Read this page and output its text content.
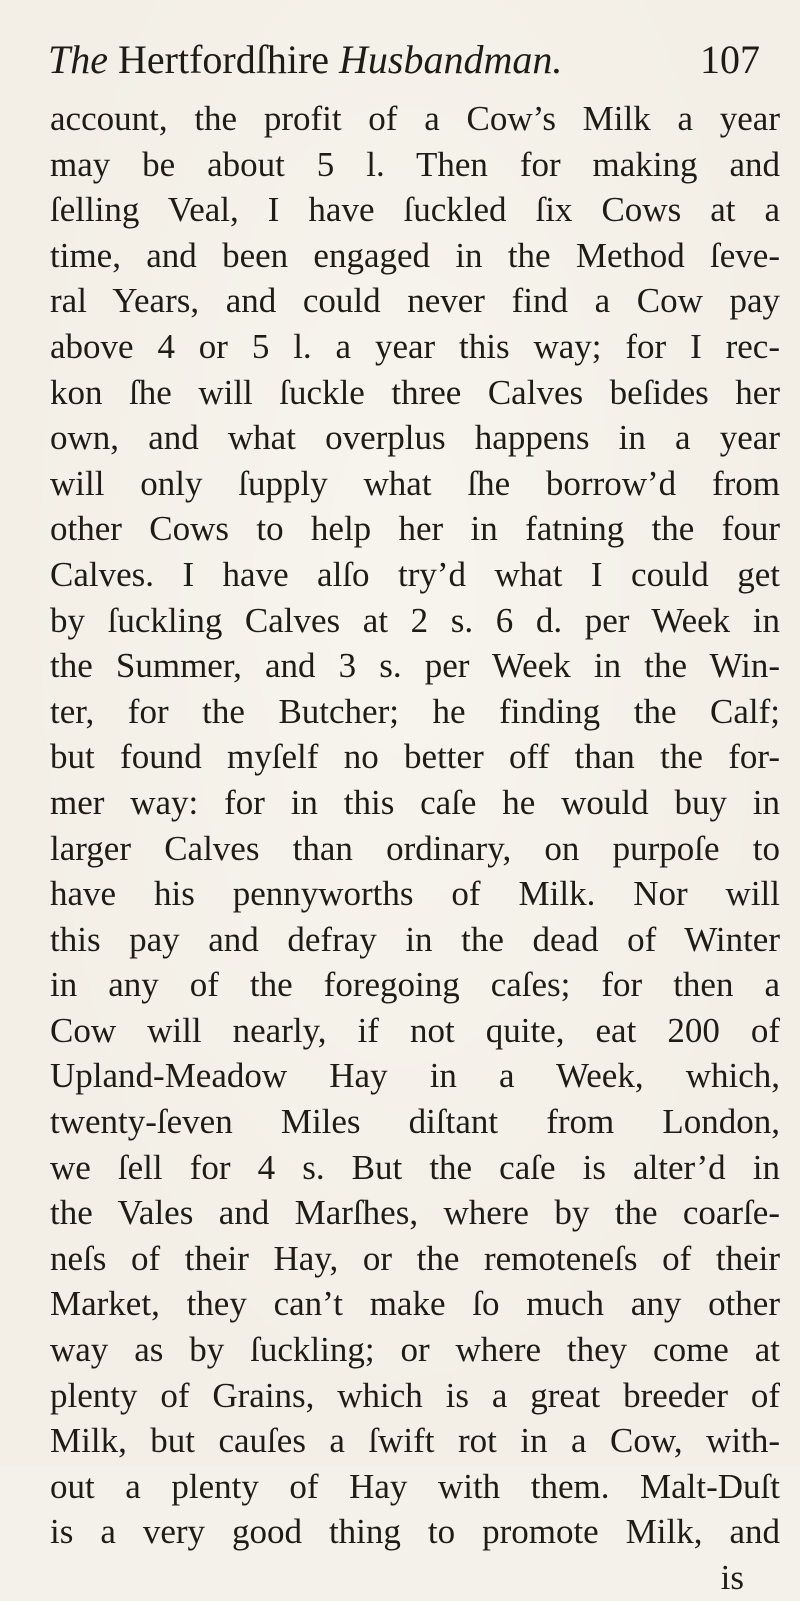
The Hertfordſhire Husbandman.	107
account, the profit of a Cow’s Milk a year
may be about 5 l. Then for making and
ſelling Veal, I have ſuckled ſix Cows at a
time, and been engaged in the Method ſeve-
ral Years, and could never find a Cow pay
above 4 or 5 l. a year this way; for I rec-
kon ſhe will ſuckle three Calves beſides her
own, and what overplus happens in a year
will only ſupply what ſhe borrow’d from
other Cows to help her in fatning the four
Calves. I have alſo try’d what I could get
by ſuckling Calves at 2 s. 6 d. per Week in
the Summer, and 3 s. per Week in the Win-
ter, for the Butcher; he finding the Calf;
but found myſelf no better off than the for-
mer way: for in this caſe he would buy in
larger Calves than ordinary, on purpoſe to
have his pennyworths of Milk. Nor will
this pay and defray in the dead of Winter
in any of the foregoing caſes; for then a
Cow will nearly, if not quite, eat 200 of
Upland-Meadow Hay in a Week, which,
twenty-ſeven Miles diſtant from London,
we ſell for 4 s. But the caſe is alter’d in
the Vales and Marſhes, where by the coarſe-
neſs of their Hay, or the remoteneſs of their
Market, they can’t make ſo much any other
way as by ſuckling; or where they come at
plenty of Grains, which is a great breeder of
Milk, but cauſes a ſwift rot in a Cow, with-
out a plenty of Hay with them. Malt-Duſt
is a very good thing to promote Milk, and
is
